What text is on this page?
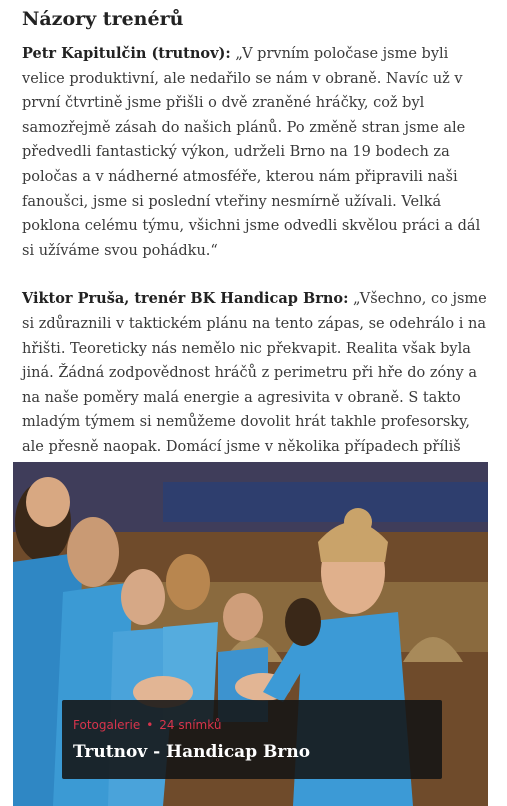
Názory trenérů

Petr Kapitulčin (trutnov): „V prvním poločase jsme byli velice produktivní, ale nedařilo se nám v obraně. Navíc už v první čtvrtině jsme přišli o dvě zraněné hráčky, což byl samozřejmě zásah do našich plánů. Po změně stran jsme ale předvedli fantastický výkon, udrželi Brno na 19 bodech za poločas a v nádherné atmosféře, kterou nám připravili naši fanoušci, jsme si poslední vteřiny nesmírně užívali. Velká poklona celému týmu, všichni jsme odvedli skvělou práci a dál si užíváme svou pohádku.“

Viktor Pruša, trenér BK Handicap Brno: „Všechno, co jsme si zdůraznili v taktickém plánu na tento zápas, se odehrálo i na hřišti. Teoreticky nás nemělo nic překvapit. Realita však byla jiná. Žádná zodpovědnost hráčů z perimetru při hře do zóny a na naše poměry malá energie a agresivita v obraně. S takto mladým týmem si nemůžeme dovolit hrát takhle profesorsky, ale přesně naopak. Domácí jsme v několika případech příliš

Fotogalerie • 24 snímků
Trutnov - Handicap Brno
